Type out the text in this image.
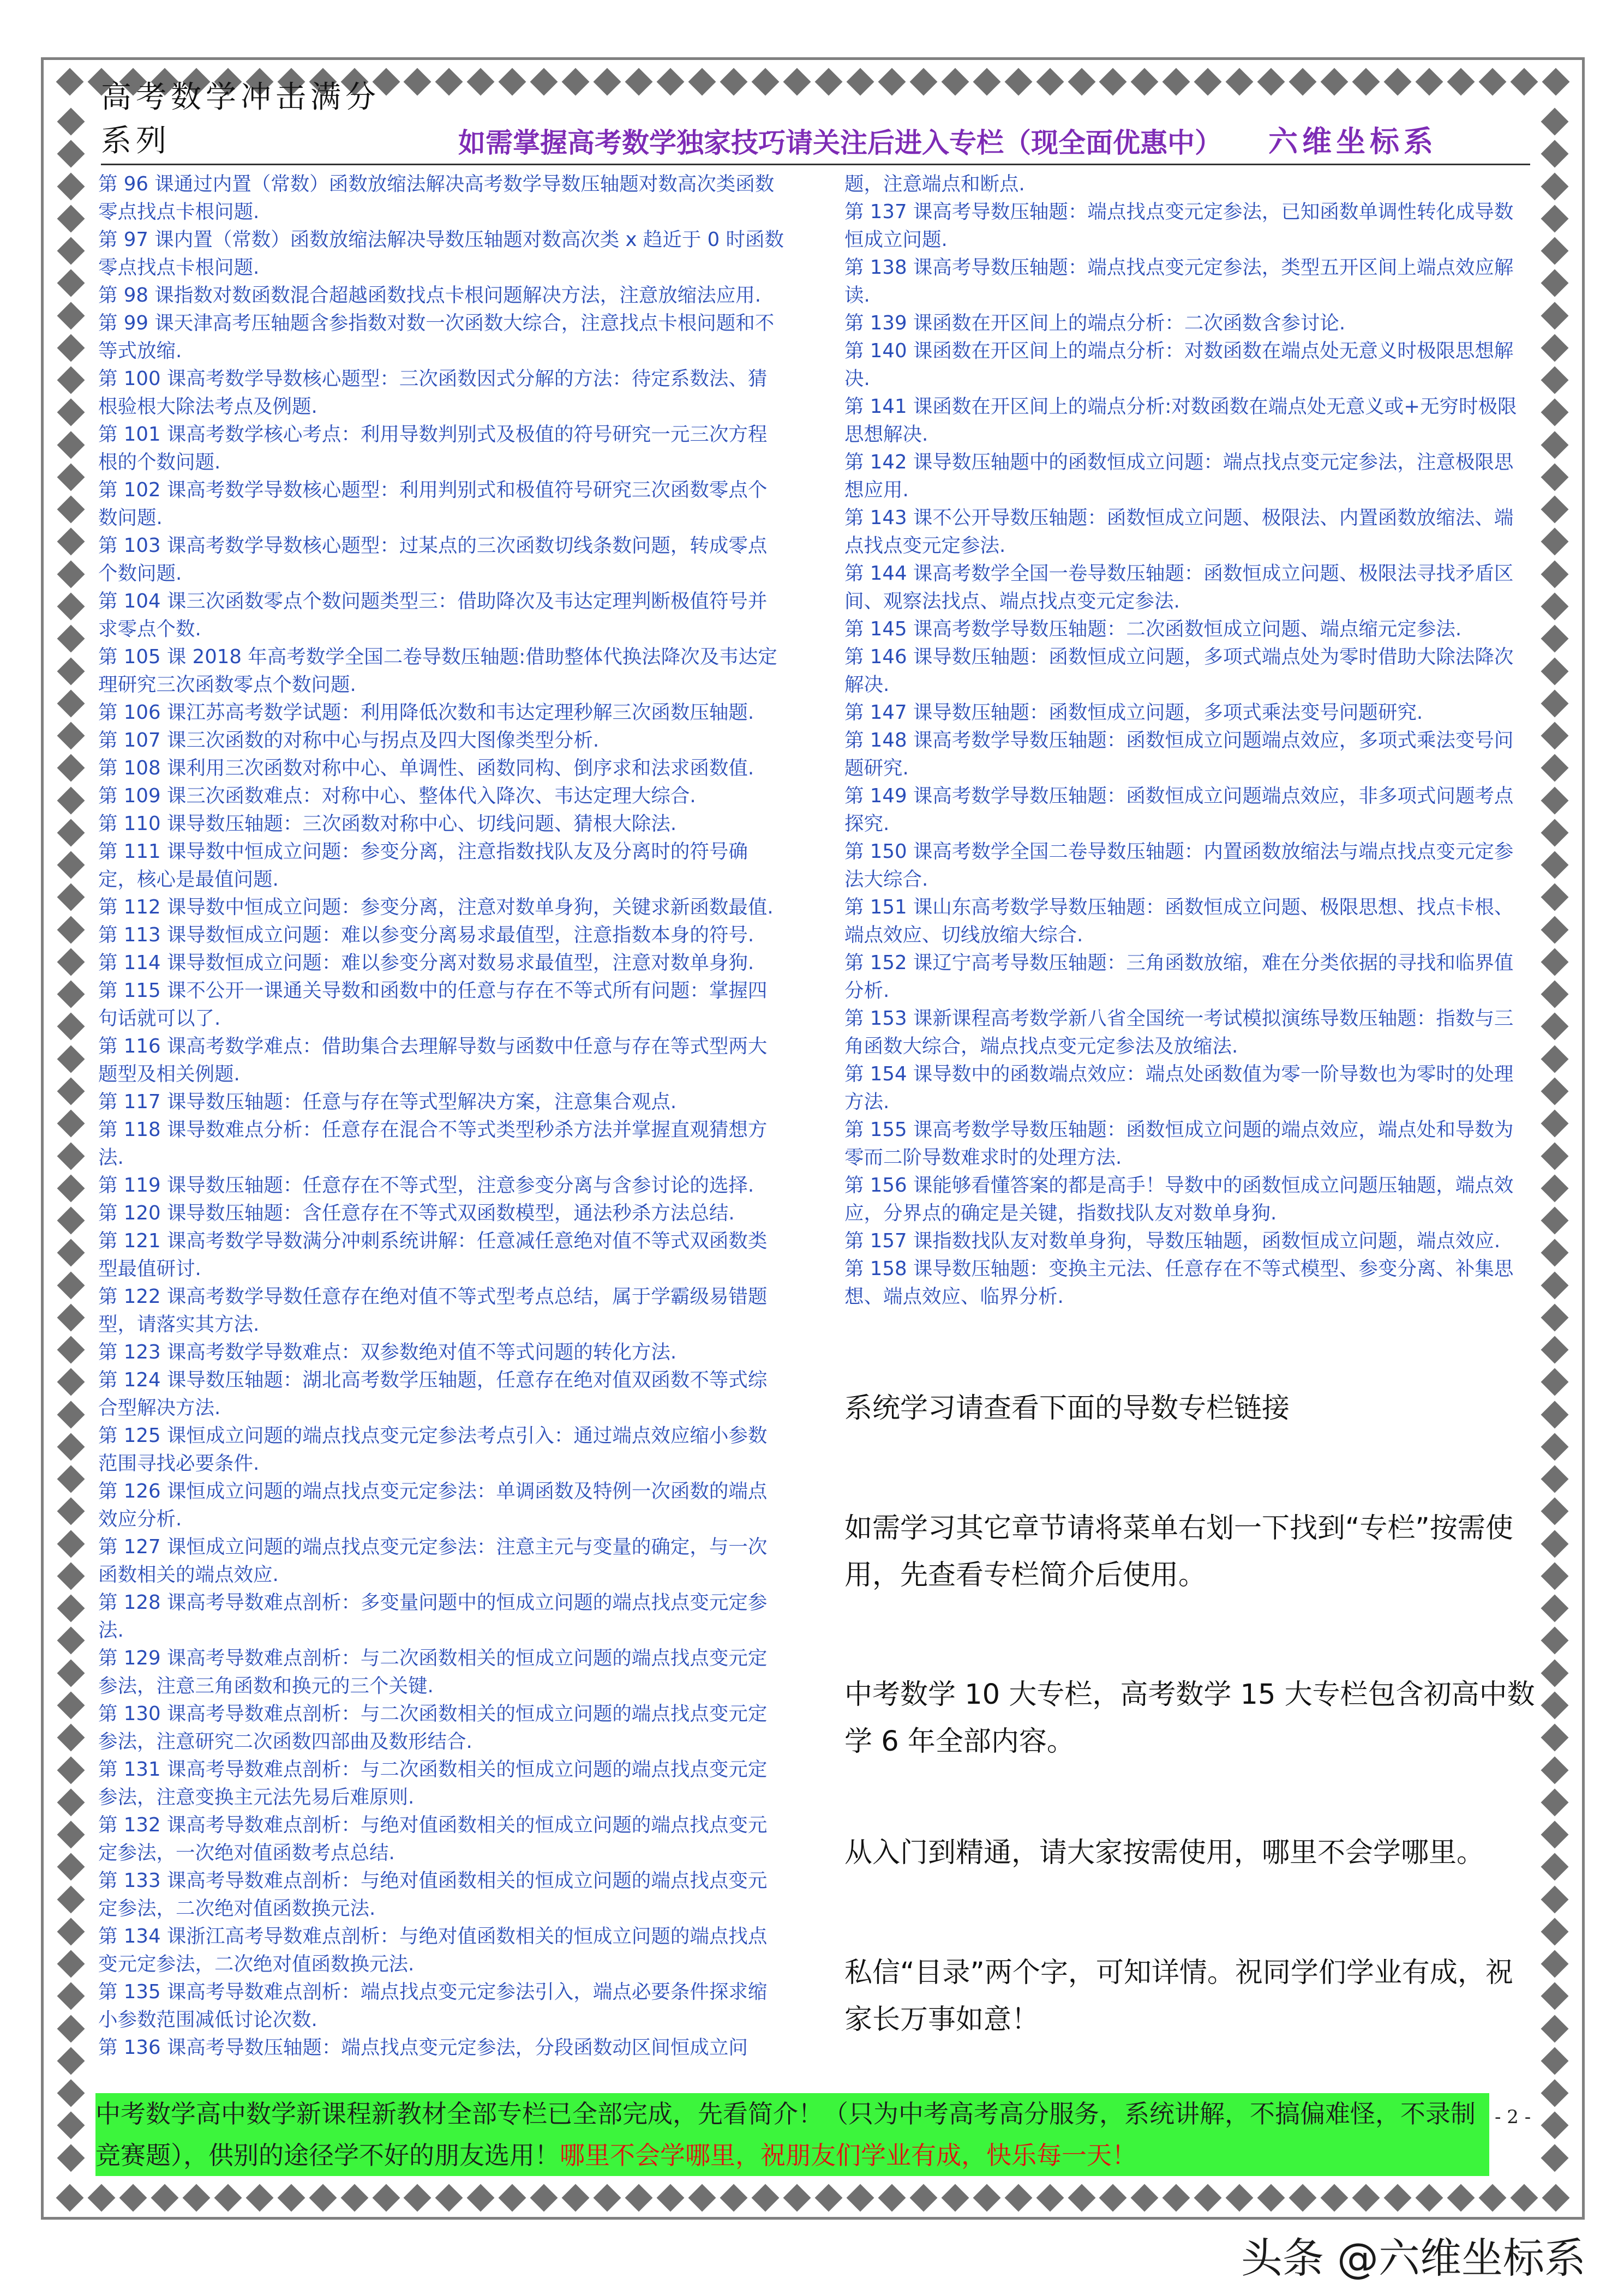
高考数学冲击满分系列	如需掌握高考数学独家技巧请关注后进入专栏（现全面优惠中）	六维坐标系

第 96 课通过内置（常数）函数放缩法解决高考数学导数压轴题对数高次类函数零点找点卡根问题.

第 97 课内置（常数）函数放缩法解决导数压轴题对数高次类 x 趋近于 0 时函数零点找点卡根问题.

第 98 课指数对数函数混合超越函数找点卡根问题解决方法，注意放缩法应用.

第 99 课天津高考压轴题含参指数对数一次函数大综合，注意找点卡根问题和不等式放缩.

第 100 课高考数学导数核心题型：三次函数因式分解的方法：待定系数法、猜根验根大除法考点及例题.

第 101 课高考数学核心考点：利用导数判别式及极值的符号研究一元三次方程根的个数问题.

第 102 课高考数学导数核心题型：利用判别式和极值符号研究三次函数零点个数问题.

第 103 课高考数学导数核心题型：过某点的三次函数切线条数问题，转成零点个数问题.

第 104 课三次函数零点个数问题类型三：借助降次及韦达定理判断极值符号并求零点个数.

第 105 课 2018 年高考数学全国二卷导数压轴题:借助整体代换法降次及韦达定理研究三次函数零点个数问题.

第 106 课江苏高考数学试题：利用降低次数和韦达定理秒解三次函数压轴题.

第 107 课三次函数的对称中心与拐点及四大图像类型分析.

第 108 课利用三次函数对称中心、单调性、函数同构、倒序求和法求函数值.

第 109 课三次函数难点：对称中心、整体代入降次、韦达定理大综合.

第 110 课导数压轴题：三次函数对称中心、切线问题、猜根大除法.

第 111 课导数中恒成立问题：参变分离，注意指数找队友及分离时的符号确定，核心是最值问题.

第 112 课导数中恒成立问题：参变分离，注意对数单身狗，关键求新函数最值.

第 113 课导数恒成立问题：难以参变分离易求最值型，注意指数本身的符号.

第 114 课导数恒成立问题：难以参变分离对数易求最值型，注意对数单身狗.

第 115 课不公开一课通关导数和函数中的任意与存在不等式所有问题：掌握四句话就可以了.

第 116 课高考数学难点：借助集合去理解导数与函数中任意与存在等式型两大题型及相关例题.

第 117 课导数压轴题：任意与存在等式型解决方案，注意集合观点.

第 118 课导数难点分析：任意存在混合不等式类型秒杀方法并掌握直观猜想方法.

第 119 课导数压轴题：任意存在不等式型，注意参变分离与含参讨论的选择.

第 120 课导数压轴题：含任意存在不等式双函数模型，通法秒杀方法总结.

第 121 课高考数学导数满分冲刺系统讲解：任意减任意绝对值不等式双函数类型最值研讨.

第 122 课高考数学导数任意存在绝对值不等式型考点总结，属于学霸级易错题型，请落实其方法.

第 123 课高考数学导数难点：双参数绝对值不等式问题的转化方法.

第 124 课导数压轴题：湖北高考数学压轴题，任意存在绝对值双函数不等式综合型解决方法.

第 125 课恒成立问题的端点找点变元定参法考点引入：通过端点效应缩小参数范围寻找必要条件.

第 126 课恒成立问题的端点找点变元定参法：单调函数及特例一次函数的端点效应分析.

第 127 课恒成立问题的端点找点变元定参法：注意主元与变量的确定，与一次函数相关的端点效应.

第 128 课高考导数难点剖析：多变量问题中的恒成立问题的端点找点变元定参法.

第 129 课高考导数难点剖析：与二次函数相关的恒成立问题的端点找点变元定参法，注意三角函数和换元的三个关键.

第 130 课高考导数难点剖析：与二次函数相关的恒成立问题的端点找点变元定参法，注意研究二次函数四部曲及数形结合.

第 131 课高考导数难点剖析：与二次函数相关的恒成立问题的端点找点变元定参法，注意变换主元法先易后难原则.

第 132 课高考导数难点剖析：与绝对值函数相关的恒成立问题的端点找点变元定参法，一次绝对值函数考点总结.

第 133 课高考导数难点剖析：与绝对值函数相关的恒成立问题的端点找点变元定参法，二次绝对值函数换元法.

第 134 课浙江高考导数难点剖析：与绝对值函数相关的恒成立问题的端点找点变元定参法，二次绝对值函数换元法.

第 135 课高考导数难点剖析：端点找点变元定参法引入，端点必要条件探求缩小参数范围减低讨论次数.

第 136 课高考导数压轴题：端点找点变元定参法，分段函数动区间恒成立问

题，注意端点和断点.

第 137 课高考导数压轴题：端点找点变元定参法，已知函数单调性转化成导数恒成立问题.

第 138 课高考导数压轴题：端点找点变元定参法，类型五开区间上端点效应解读.

第 139 课函数在开区间上的端点分析：二次函数含参讨论.

第 140 课函数在开区间上的端点分析：对数函数在端点处无意义时极限思想解决.

第 141 课函数在开区间上的端点分析:对数函数在端点处无意义或+无穷时极限思想解决.

第 142 课导数压轴题中的函数恒成立问题：端点找点变元定参法，注意极限思想应用.

第 143 课不公开导数压轴题：函数恒成立问题、极限法、内置函数放缩法、端点找点变元定参法.

第 144 课高考数学全国一卷导数压轴题：函数恒成立问题、极限法寻找矛盾区间、观察法找点、端点找点变元定参法.

第 145 课高考数学导数压轴题：二次函数恒成立问题、端点缩元定参法.

第 146 课导数压轴题：函数恒成立问题，多项式端点处为零时借助大除法降次解决.

第 147 课导数压轴题：函数恒成立问题，多项式乘法变号问题研究.

第 148 课高考数学导数压轴题：函数恒成立问题端点效应，多项式乘法变号问题研究.

第 149 课高考数学导数压轴题：函数恒成立问题端点效应，非多项式问题考点探究.

第 150 课高考数学全国二卷导数压轴题：内置函数放缩法与端点找点变元定参法大综合.

第 151 课山东高考数学导数压轴题：函数恒成立问题、极限思想、找点卡根、端点效应、切线放缩大综合.

第 152 课辽宁高考导数压轴题：三角函数放缩，难在分类依据的寻找和临界值分析.

第 153 课新课程高考数学新八省全国统一考试模拟演练导数压轴题：指数与三角函数大综合，端点找点变元定参法及放缩法.

第 154 课导数中的函数端点效应：端点处函数值为零一阶导数也为零时的处理方法.

第 155 课高考数学导数压轴题：函数恒成立问题的端点效应，端点处和导数为零而二阶导数难求时的处理方法.

第 156 课能够看懂答案的都是高手！导数中的函数恒成立问题压轴题，端点效应，分界点的确定是关键，指数找队友对数单身狗.

第 157 课指数找队友对数单身狗，导数压轴题，函数恒成立问题，端点效应.

第 158 课导数压轴题：变换主元法、任意存在不等式模型、参变分离、补集思想、端点效应、临界分析.

系统学习请查看下面的导数专栏链接
如需学习其它章节请将菜单右划一下找到“专栏”按需使用，先查看专栏简介后使用。
中考数学 10 大专栏，高考数学 15 大专栏包含初高中数学 6 年全部内容。
从入门到精通，请大家按需使用，哪里不会学哪里。
私信“目录”两个字，可知详情。祝同学们学业有成，祝家长万事如意！
中考数学高中数学新课程新教材全部专栏已全部完成，先看简介！（只为中考高考高分服务，系统讲解，不搞偏难怪，不录制竞赛题），供别的途径学不好的朋友选用！哪里不会学哪里，祝朋友们学业有成，快乐每一天！
- 2 -
头条 @六维坐标系
